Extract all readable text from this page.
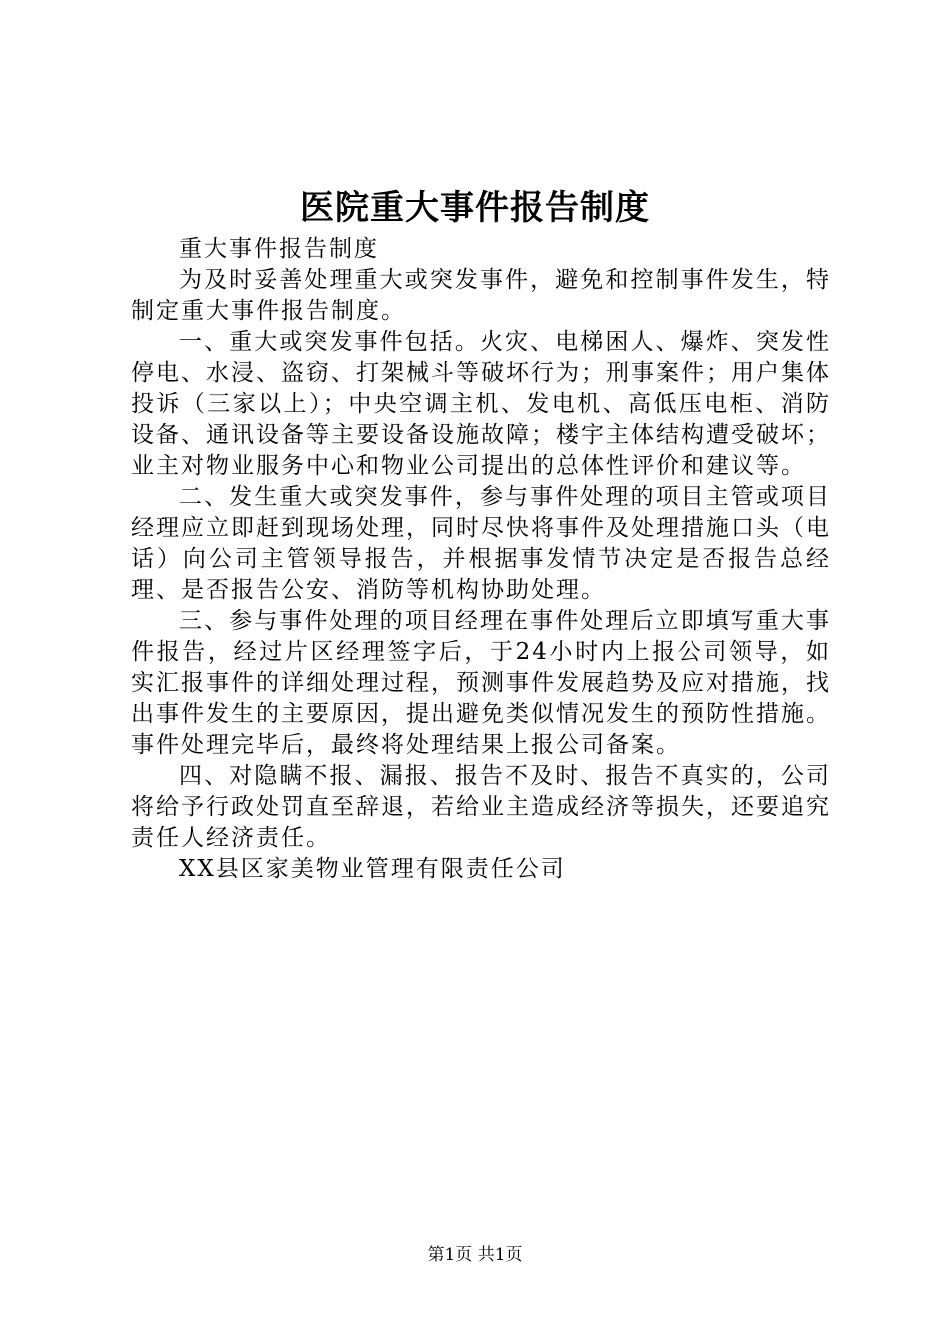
医院重大事件报告制度

重大事件报告制度

为及时妥善处理重大或突发事件，避免和控制事件发生，特制定重大事件报告制度。

一、重大或突发事件包括。火灾、电梯困人、爆炸、突发性停电、水浸、盗窃、打架械斗等破坏行为；刑事案件；用户集体投诉（三家以上）；中央空调主机、发电机、高低压电柜、消防设备、通讯设备等主要设备设施故障；楼宇主体结构遭受破坏；业主对物业服务中心和物业公司提出的总体性评价和建议等。

二、发生重大或突发事件，参与事件处理的项目主管或项目经理应立即赶到现场处理，同时尽快将事件及处理措施口头（电话）向公司主管领导报告，并根据事发情节决定是否报告总经理、是否报告公安、消防等机构协助处理。

三、参与事件处理的项目经理在事件处理后立即填写重大事件报告，经过片区经理签字后，于24小时内上报公司领导，如实汇报事件的详细处理过程，预测事件发展趋势及应对措施，找出事件发生的主要原因，提出避免类似情况发生的预防性措施。事件处理完毕后，最终将处理结果上报公司备案。

四、对隐瞒不报、漏报、报告不及时、报告不真实的，公司将给予行政处罚直至辞退，若给业主造成经济等损失，还要追究责任人经济责任。

XX县区家美物业管理有限责任公司

第1页 共1页
